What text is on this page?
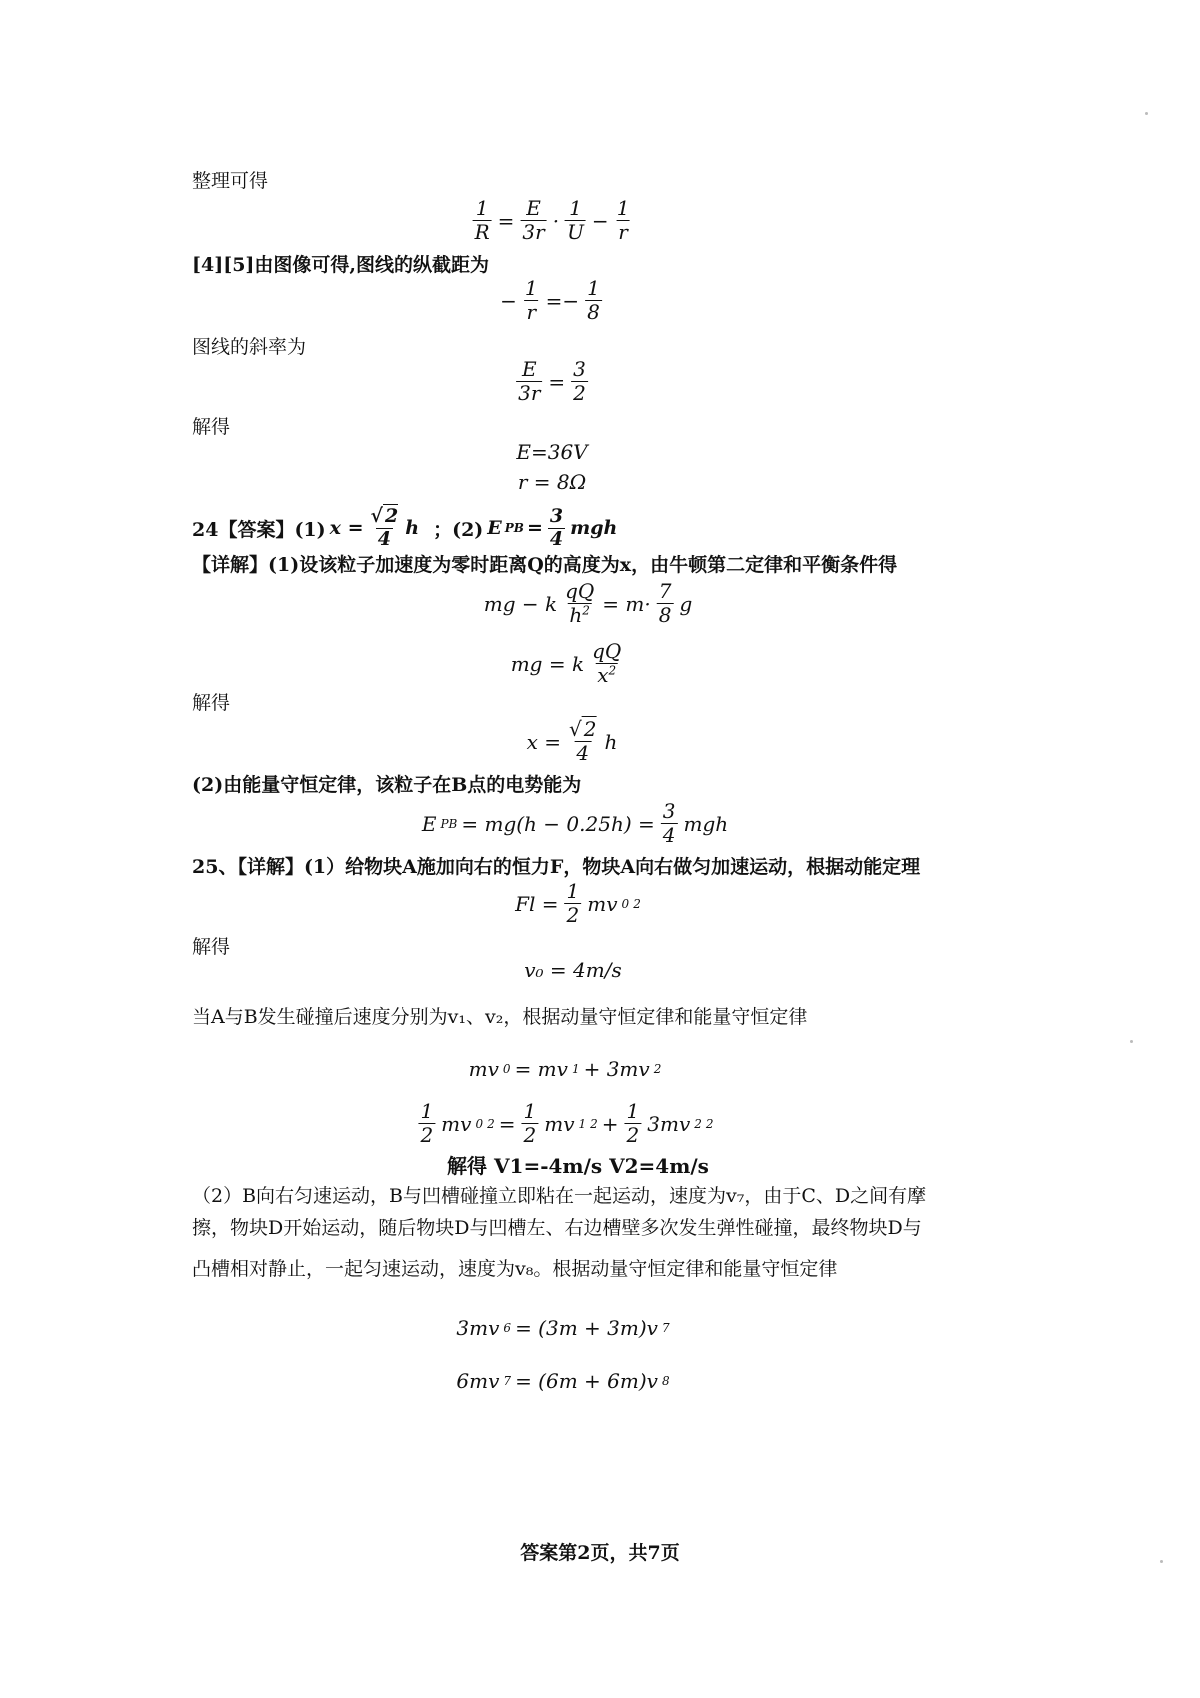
整理可得
$\frac{1}{R} = \frac{E}{3r} \cdot \frac{1}{U} - \frac{1}{r}$
[4][5]由图像可得,图线的纵截距为
− $\frac{1}{r} =- \frac{1}{8}$
图线的斜率为
$\frac{E}{3r} = \frac{3}{2}$
解得
E=36V
r = 8Ω
24【答案】(1) $x = \frac{√ 2}{4}$ h ；(2) E PB = $\frac{3}{4}$ mgh
【详解】(1)设该粒子加速度为零时距离Q的高度为x，由牛顿第二定律和平衡条件得
mg − k $\frac{qQ}{h^2} = m\cdot \frac{7}{8}$ g
mg = k $\frac{qQ}{x^2}$
解得
$x = \frac{√ 2}{4}$ h
(2)由能量守恒定律，该粒子在B点的电势能为
E PB = $mg(h - 0.25h) = \frac{3}{4}$ mgh
25、【详解】(1）给物块A施加向右的恒力F，物块A向右做匀加速运动，根据动能定理
$Fl = \frac{1}{2}$ mv 0 2
解得
v₀ = 4m/s
当A与B发生碰撞后速度分别为v₁、v₂，根据动量守恒定律和能量守恒定律
mv 0 = mv 1 + 3mv 2
$\frac{1}{2}$ mv 0 $2 = \frac{1}{2}$ mv 1 $2 + \frac{1}{2} 3mv$ 2 2
解得 V1=-4m/s V2=4m/s
（2）B向右匀速运动，B与凹槽碰撞立即粘在一起运动，速度为v₇，由于C、D之间有摩
擦，物块D开始运动，随后物块D与凹槽左、右边槽壁多次发生弹性碰撞，最终物块D与
凸槽相对静止，一起匀速运动，速度为v₈。根据动量守恒定律和能量守恒定律
3mv 6 = (3m + 3m)v 7
6mv 7 = (6m + 6m)v 8
答案第2页，共7页
